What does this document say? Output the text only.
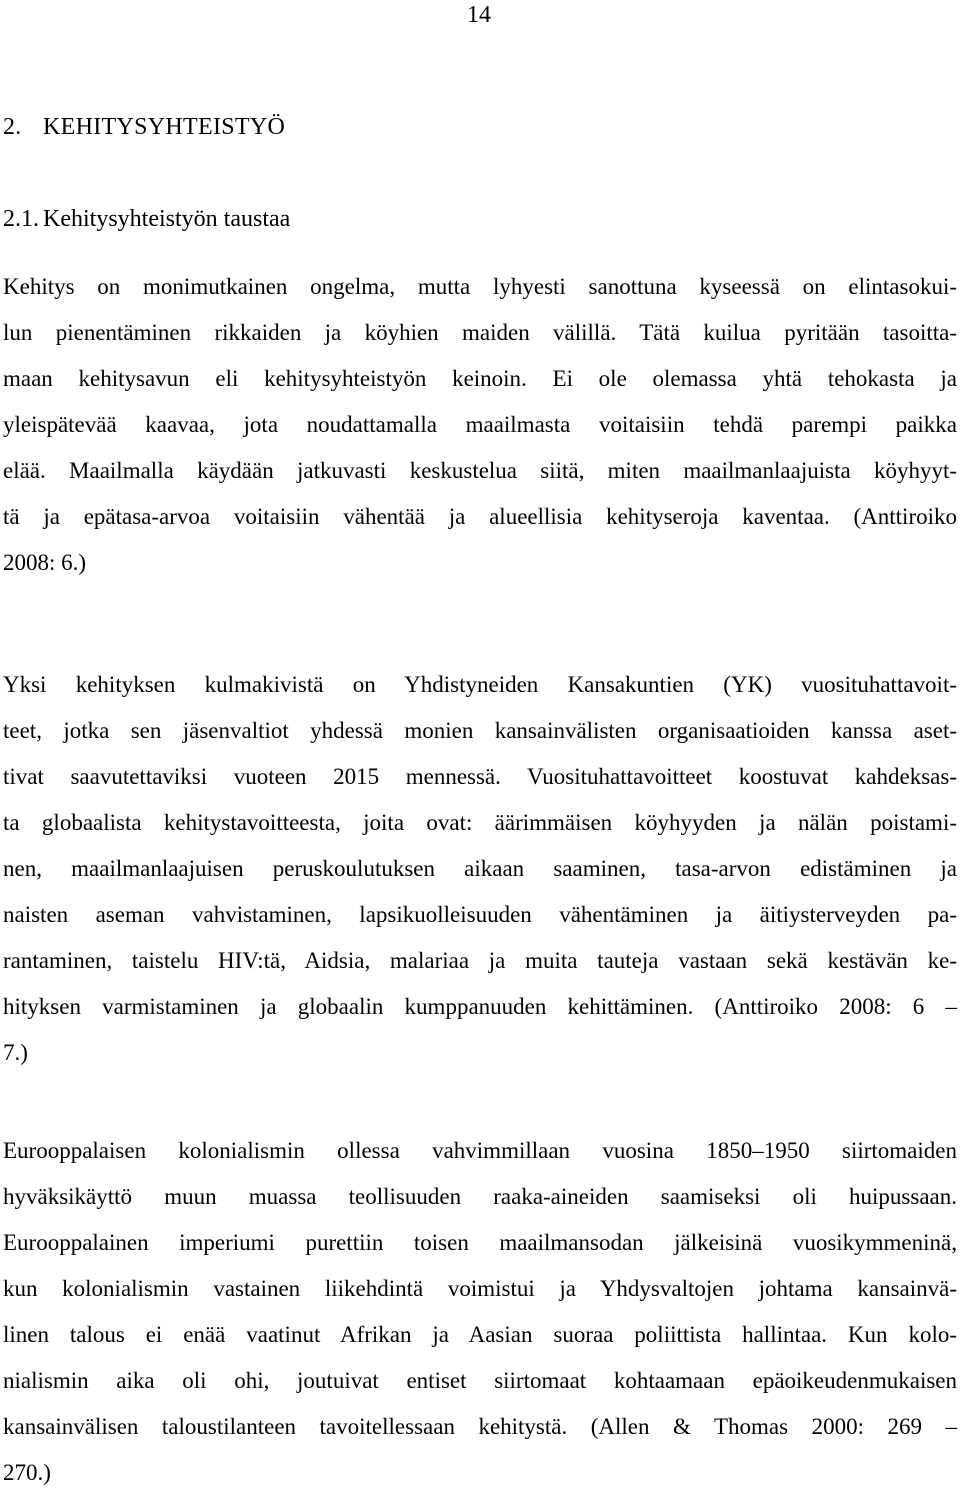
14
2. KEHITYSYHTEISTYÖ
2.1. Kehitysyhteistyön taustaa
Kehitys on monimutkainen ongelma, mutta lyhyesti sanottuna kyseessä on elintasokui-
lun pienentäminen rikkaiden ja köyhien maiden välillä. Tätä kuilua pyritään tasoitta-
maan kehitysavun eli kehitysyhteistyön keinoin. Ei ole olemassa yhtä tehokasta ja
yleispätevää kaavaa, jota noudattamalla maailmasta voitaisiin tehdä parempi paikka
elää. Maailmalla käydään jatkuvasti keskustelua siitä, miten maailmanlaajuista köyhyyt-
tä ja epätasa-arvoa voitaisiin vähentää ja alueellisia kehityseroja kaventaa. (Anttiroiko
2008: 6.)
Yksi kehityksen kulmakivistä on Yhdistyneiden Kansakuntien (YK) vuosituhattavoit-
teet, jotka sen jäsenvaltiot yhdessä monien kansainvälisten organisaatioiden kanssa aset-
tivat saavutettaviksi vuoteen 2015 mennessä. Vuosituhattavoitteet koostuvat kahdeksas-
ta globaalista kehitystavoitteesta, joita ovat: äärimmäisen köyhyyden ja nälän poistami-
nen, maailmanlaajuisen peruskoulutuksen aikaan saaminen, tasa-arvon edistäminen ja
naisten aseman vahvistaminen, lapsikuolleisuuden vähentäminen ja äitiysterveyden pa-
rantaminen, taistelu HIV:tä, Aidsia, malariaa ja muita tauteja vastaan sekä kestävän ke-
hityksen varmistaminen ja globaalin kumppanuuden kehittäminen. (Anttiroiko 2008: 6 –
7.)
Eurooppalaisen kolonialismin ollessa vahvimmillaan vuosina 1850–1950 siirtomaiden
hyväksikäyttö muun muassa teollisuuden raaka-aineiden saamiseksi oli huipussaan.
Eurooppalainen imperiumi purettiin toisen maailmansodan jälkeisinä vuosikymmeninä,
kun kolonialismin vastainen liikehdintä voimistui ja Yhdysvaltojen johtama kansainvä-
linen talous ei enää vaatinut Afrikan ja Aasian suoraa poliittista hallintaa. Kun kolo-
nialismin aika oli ohi, joutuivat entiset siirtomaat kohtaamaan epäoikeudenmukaisen
kansainvälisen taloustilanteen tavoitellessaan kehitystä. (Allen & Thomas 2000: 269 –
270.)
